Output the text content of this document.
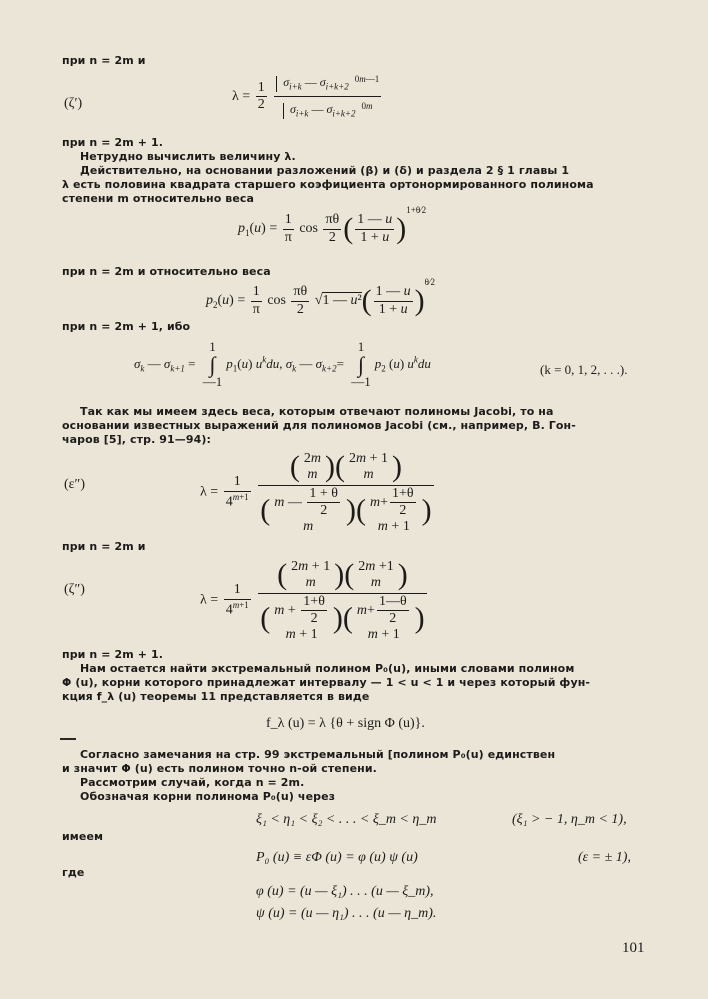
при n = 2m и
(ζ′)	$\lambda = \frac{1}{2}$
$\frac{\sigma_{i+k} — \sigma_{i+k+2}^{0m—1}}{\sigma_{i+k} — \sigma_{i+k+2}^{0m}}$
при n = 2m + 1.
Нетрудно вычислить величину λ.
Действительно, на основании разложений (β) и (δ) и раздела 2 § 1 главы 1
λ есть половина квадрата старшего коэфициента ортонормированного полинома
степени m относительно веса
$p_1(u) = \frac{1}{\pi}$ $\cos \frac{\pi\theta}{2}$ ( $\frac{1 — u}{1 + u} )^{1+\theta⁄2}$
при n = 2m и относительно веса
$p_2(u) = \frac{1}{\pi}$ $\cos \frac{\pi\theta}{2} √1$ — $u^2( \frac{1 — u}{1 + u} )^{\theta⁄2}$
при n = 2m + 1, ибо
$\sigma_k$ — $\sigma_{k+1}$ =
1
∫
—1
$p_1(u)$ $u^kdu$, $\sigma_k$ — $\sigma_{k+2}=$
1
∫
—1
$p_2$ (u) $u^kdu$	(k = 0, 1, 2, . . .).
Так как мы имеем здесь веса, которым отвечают полиномы Jacobi, то на
основании известных выражений для полиномов Jacobi (см., например, В. Гон-
чаров [5], стр. 91—94):
(ε″)
$\lambda = \frac{1}{4^{m+1}}$
( 2m
m )( 2m + 1
m )
( m — $\frac{1 + \theta}{2}$
m
)( $m+ \frac{1+\theta}{2}$
m + 1
)
при n = 2m и
(ζ″)
$\lambda = \frac{1}{4^{m+1}}$
( 2m + 1
m )( 2m +1
m )
( $m + \frac{1+\theta}{2}$
m + 1
)( $m+ \frac{1—\theta}{2}$
m + 1
)
при n = 2m + 1.
Нам остается найти экстремальный полином P₀(u), иными словами полином
Φ (u), корни которого принадлежат интервалу — 1 < u < 1 и через который фун-
кция f_λ (u) теоремы 11 представляется в виде
f_λ (u) = λ {θ + sign Φ (u)}.
Согласно замечания на стр. 99 экстремальный [полином P₀(u) единствен
и значит Φ (u) есть полином точно n-ой степени.
Рассмотрим случай, когда n = 2m.
Обозначая корни полинома P₀(u) через
ξ₁ < η₁ < ξ₂ < . . . < ξ_m < η_m	(ξ₁ > − 1, η_m < 1),
имеем
P₀ (u) ≡ εΦ (u) = φ (u) ψ (u)	(ε = ± 1),
где
φ (u) = (u — ξ₁) . . . (u — ξ_m),
ψ (u) = (u — η₁) . . . (u — η_m).
101
